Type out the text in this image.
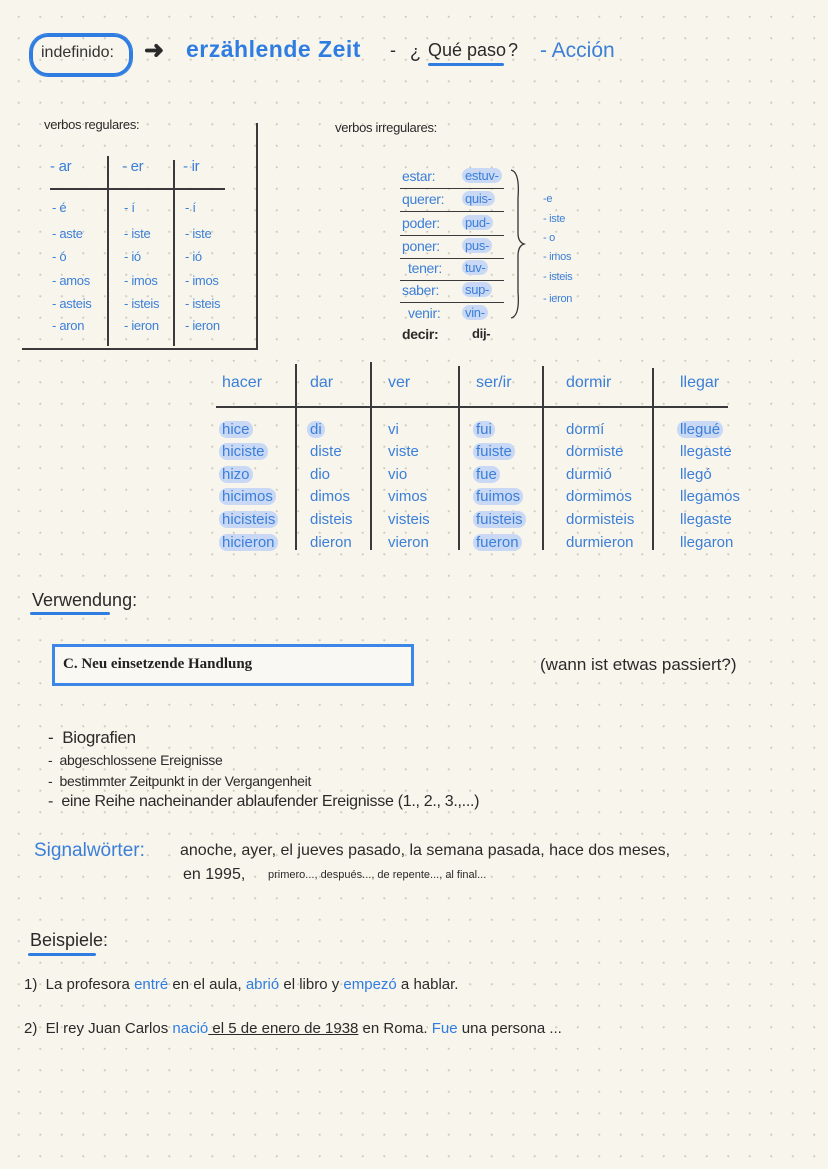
indefinido: ➜ erzählende Zeit - ¿ Qué paso ? - Acción
verbos regulares:
- ar	- er	- ir
- é	- í	- í
- aste	- iste	- iste
- ó	- ió	- ió
- amos	- imos - imos
- asteis - isteis - isteis
- aron	- ieron - ieron
verbos irregulares:
estar: estuv-
querer: quis-
poder: pud-
poner: pus-
tener: tuv-
saber: sup-
venir: vin-
decir:	dij-
-e
- iste
- o
- imos
- isteis
- ieron
hacer	dar	ver	ser/ir	dormir	llegar
hice	di	vi	fui	dormí	llegué
hiciste	diste	viste	fuiste	dormiste	llegaste
hizo	dio	vio	fue	durmió	llegó
hicimos dimos	vimos	fuimos	dormimos	llegamos
hicisteis disteis visteis	fuisteis	dormisteis	llegaste
hicieron dieron vieron	fueron	durmieron	llegaron
Verwendung:
C. Neu einsetzende Handlung	(wann ist etwas passiert?)
-  Biografien
-  abgeschlossene Ereignisse
-  bestimmter Zeitpunkt in der Vergangenheit
-  eine Reihe nacheinander ablaufender Ereignisse (1., 2., 3.,...)
Signalwörter: anoche, ayer, el jueves pasado, la semana pasada, hace dos meses,
en 1995, primero..., después..., de repente..., al final...
Beispiele:
1)  La profesora entré en el aula, abrió el libro y empezó a hablar.
2)  El rey Juan Carlos nació el 5 de enero de 1938 en Roma. Fue una persona ...
